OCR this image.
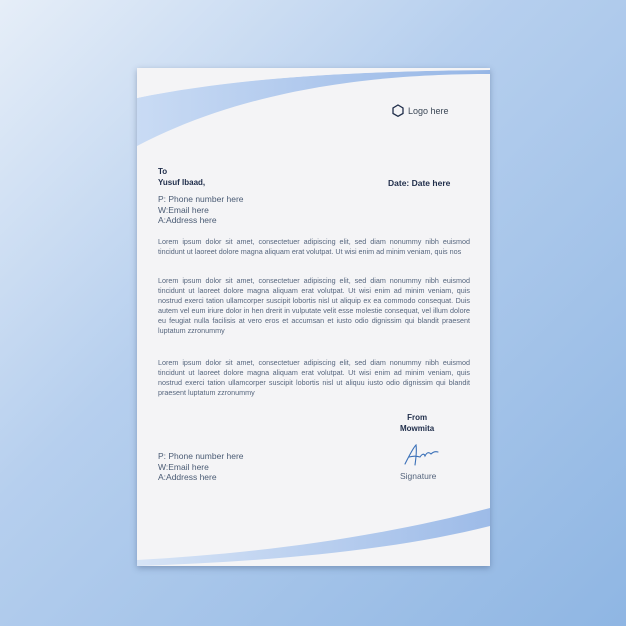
Logo here
To
Yusuf Ibaad,	Date: Date here
P: Phone number here
W:Email here
A:Address here
Lorem ipsum dolor sit amet, consectetuer adipiscing elit, sed diam nonummy nibh euismod tincidunt ut laoreet dolore magna aliquam erat volutpat. Ut wisi enim ad minim veniam, quis nos
Lorem ipsum dolor sit amet, consectetuer adipiscing elit, sed diam nonummy nibh euismod tincidunt ut laoreet dolore magna aliquam erat volutpat. Ut wisi enim ad minim veniam, quis nostrud exerci tation ullamcorper suscipit lobortis nisl ut aliquip ex ea commodo consequat. Duis autem vel eum iriure dolor in hen drerit in vulputate velit esse molestie consequat, vel illum dolore eu feugiat nulla facilisis at vero eros et accumsan et iusto odio dignissim qui blandit praesent luptatum zzronummy
Lorem ipsum dolor sit amet, consectetuer adipiscing elit, sed diam nonummy nibh euismod tincidunt ut laoreet dolore magna aliquam erat volutpat. Ut wisi enim ad minim veniam, quis nostrud exerci tation ullamcorper suscipit lobortis nisl ut aliquu iusto odio dignissim qui blandit praesent luptatum zzronummy
From
Mowmita
Signature
P: Phone number here
W:Email here
A:Address here
